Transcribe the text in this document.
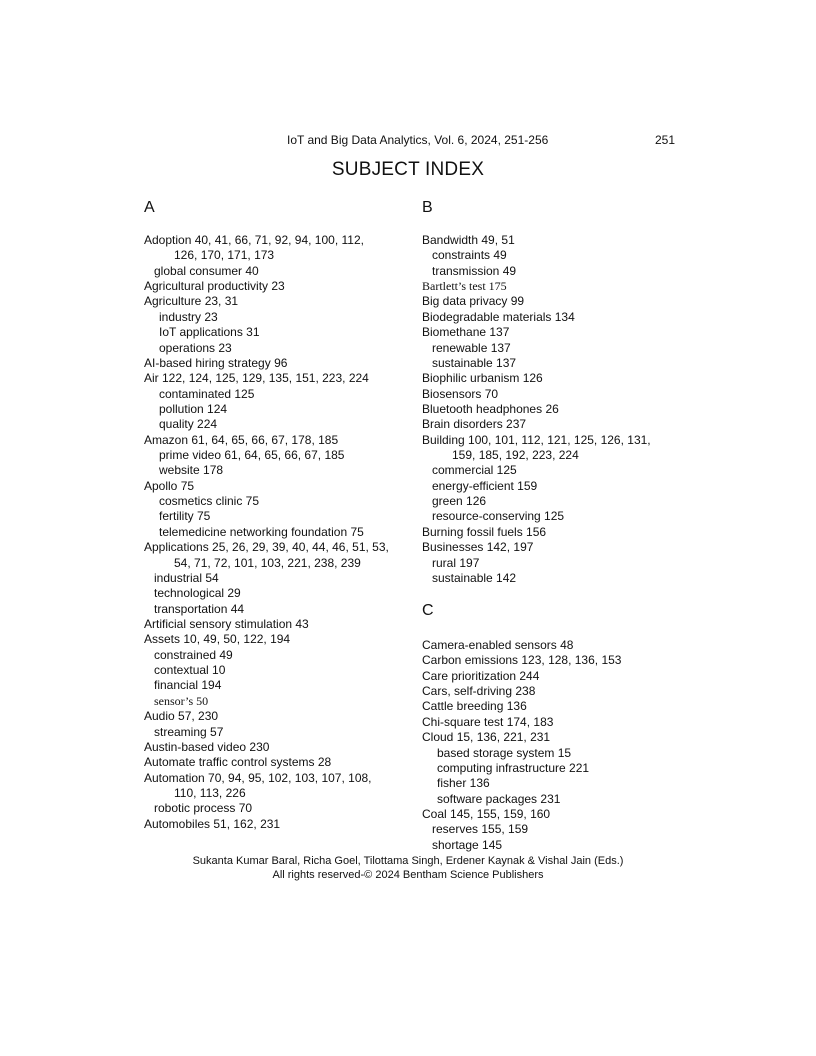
IoT and Big Data Analytics, Vol. 6, 2024, 251-256	251
SUBJECT INDEX
A	B
C
Adoption 40, 41, 66, 71, 92, 94, 100, 112,
126, 170, 171, 173
global consumer 40
Agricultural productivity 23
Agriculture 23, 31
industry 23
IoT applications 31
operations 23
AI-based hiring strategy 96
Air 122, 124, 125, 129, 135, 151, 223, 224
contaminated 125
pollution 124
quality 224
Amazon 61, 64, 65, 66, 67, 178, 185
prime video 61, 64, 65, 66, 67, 185
website 178
Apollo 75
cosmetics clinic 75
fertility 75
telemedicine networking foundation 75
Applications 25, 26, 29, 39, 40, 44, 46, 51, 53,
54, 71, 72, 101, 103, 221, 238, 239
industrial 54
technological 29
transportation 44
Artificial sensory stimulation 43
Assets 10, 49, 50, 122, 194
constrained 49
contextual 10
financial 194
sensor’s 50
Audio 57, 230
streaming 57
Austin-based video 230
Automate traffic control systems 28
Automation 70, 94, 95, 102, 103, 107, 108,
110, 113, 226
robotic process 70
Automobiles 51, 162, 231
Bandwidth 49, 51
constraints 49
transmission 49
Bartlett’s test 175
Big data privacy 99
Biodegradable materials 134
Biomethane 137
renewable 137
sustainable 137
Biophilic urbanism 126
Biosensors 70
Bluetooth headphones 26
Brain disorders 237
Building 100, 101, 112, 121, 125, 126, 131,
159, 185, 192, 223, 224
commercial 125
energy-efficient 159
green 126
resource-conserving 125
Burning fossil fuels 156
Businesses 142, 197
rural 197
sustainable 142
Camera-enabled sensors 48
Carbon emissions 123, 128, 136, 153
Care prioritization 244
Cars, self-driving 238
Cattle breeding 136
Chi-square test 174, 183
Cloud 15, 136, 221, 231
based storage system 15
computing infrastructure 221
fisher 136
software packages 231
Coal 145, 155, 159, 160
reserves 155, 159
shortage 145
Sukanta Kumar Baral, Richa Goel, Tilottama Singh, Erdener Kaynak & Vishal Jain (Eds.)
All rights reserved-© 2024 Bentham Science Publishers
